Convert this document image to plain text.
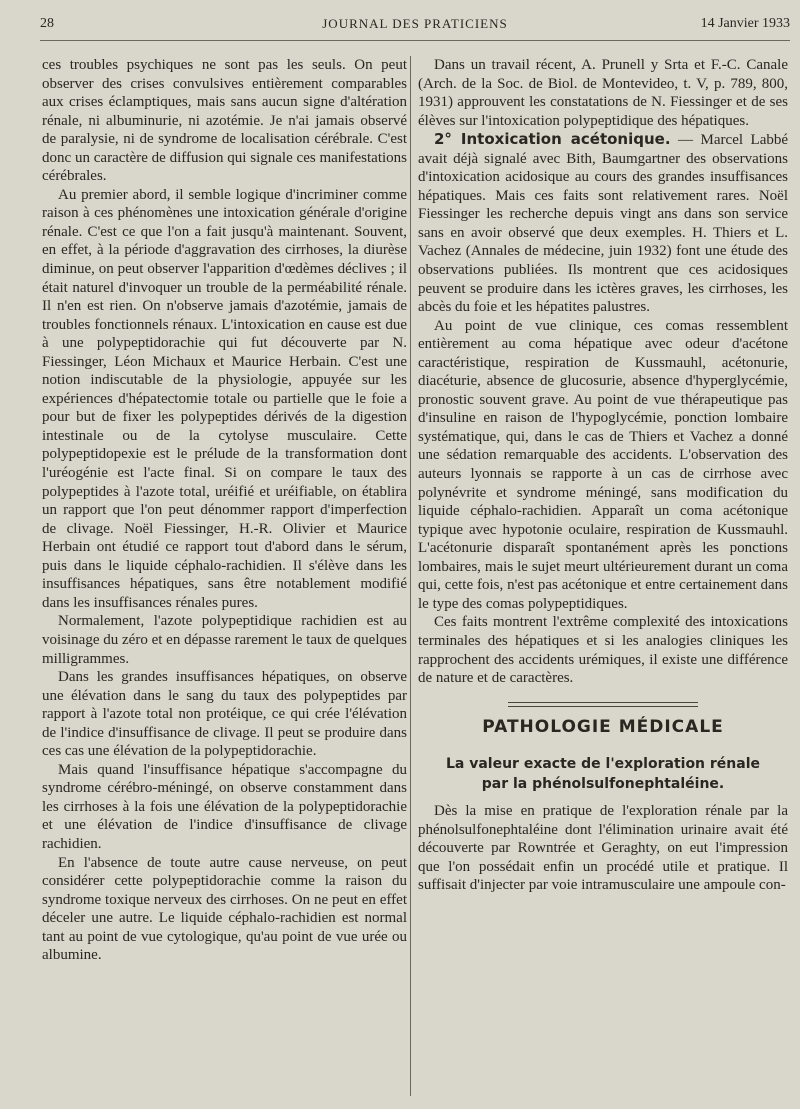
28	JOURNAL DES PRATICIENS	14 Janvier 1933

ces troubles psychiques ne sont pas les seuls. On peut observer des crises convulsives entièrement comparables aux crises éclamptiques, mais sans aucun signe d'altération rénale, ni albuminurie, ni azotémie. Je n'ai jamais observé de paralysie, ni de syndrome de localisation cérébrale. C'est donc un caractère de diffusion qui signale ces manifestations cérébrales.

Au premier abord, il semble logique d'incriminer comme raison à ces phénomènes une intoxication générale d'origine rénale. C'est ce que l'on a fait jusqu'à maintenant. Souvent, en effet, à la période d'aggravation des cirrhoses, la diurèse diminue, on peut observer l'apparition d'œdèmes déclives ; il était naturel d'invoquer un trouble de la perméabilité rénale. Il n'en est rien. On n'observe jamais d'azotémie, jamais de troubles fonctionnels rénaux. L'intoxication en cause est due à une polypeptidorachie qui fut découverte par N. Fiessinger, Léon Michaux et Maurice Herbain. C'est une notion indiscutable de la physiologie, appuyée sur les expériences d'hépatectomie totale ou partielle que le foie a pour but de fixer les polypeptides dérivés de la digestion intestinale ou de la cytolyse musculaire. Cette polypeptidopexie est le prélude de la transformation dont l'uréogénie est l'acte final. Si on compare le taux des polypeptides à l'azote total, uréifié et uréifiable, on établira un rapport que l'on peut dénommer rapport d'imperfection de clivage. Noël Fiessinger, H.-R. Olivier et Maurice Herbain ont étudié ce rapport tout d'abord dans le sérum, puis dans le liquide céphalo-rachidien. Il s'élève dans les insuffisances hépatiques, sans être notablement modifié dans les insuffisances rénales pures.

Normalement, l'azote polypeptidique rachidien est au voisinage du zéro et en dépasse rarement le taux de quelques milligrammes.

Dans les grandes insuffisances hépatiques, on observe une élévation dans le sang du taux des polypeptides par rapport à l'azote total non protéique, ce qui crée l'élévation de l'indice d'insuffisance de clivage. Il peut se produire dans ces cas une élévation de la polypeptidorachie.

Mais quand l'insuffisance hépatique s'accompagne du syndrome cérébro-méningé, on observe constamment dans les cirrhoses à la fois une élévation de la polypeptidorachie et une élévation de l'indice d'insuffisance de clivage rachidien.

En l'absence de toute autre cause nerveuse, on peut considérer cette polypeptidorachie comme la raison du syndrome toxique nerveux des cirrhoses. On ne peut en effet déceler une autre. Le liquide céphalo-rachidien est normal tant au point de vue cytologique, qu'au point de vue urée ou albumine.

Dans un travail récent, A. Prunell y Srta et F.-C. Canale (Arch. de la Soc. de Biol. de Montevideo, t. V, p. 789, 800, 1931) approuvent les constatations de N. Fiessinger et de ses élèves sur l'intoxication polypeptidique des hépatiques.

2° Intoxication acétonique. — Marcel Labbé avait déjà signalé avec Bith, Baumgartner des observations d'intoxication acidosique au cours des grandes insuffisances hépatiques. Mais ces faits sont relativement rares. Noël Fiessinger les recherche depuis vingt ans dans son service sans en avoir observé que deux exemples. H. Thiers et L. Vachez (Annales de médecine, juin 1932) font une étude des observations publiées. Ils montrent que ces acidosiques peuvent se produire dans les ictères graves, les cirrhoses, les abcès du foie et les hépatites palustres.

Au point de vue clinique, ces comas ressemblent entièrement au coma hépatique avec odeur d'acétone caractéristique, respiration de Kussmauhl, acétonurie, diacéturie, absence de glucosurie, absence d'hyperglycémie, pronostic souvent grave. Au point de vue thérapeutique pas d'insuline en raison de l'hypoglycémie, ponction lombaire systématique, qui, dans le cas de Thiers et Vachez a donné une sédation remarquable des accidents. L'observation des auteurs lyonnais se rapporte à un cas de cirrhose avec polynévrite et syndrome méningé, sans modification du liquide céphalo-rachidien. Apparaît un coma acétonique typique avec hypotonie oculaire, respiration de Kussmauhl. L'acétonurie disparaît spontanément après les ponctions lombaires, mais le sujet meurt ultérieurement durant un coma qui, cette fois, n'est pas acétonique et entre certainement dans le type des comas polypeptidiques.

Ces faits montrent l'extrême complexité des intoxications terminales des hépatiques et si les analogies cliniques les rapprochent des accidents urémiques, il existe une différence de nature et de caractères.

PATHOLOGIE MÉDICALE
La valeur exacte de l'exploration rénale
par la phénolsulfonephtaléine.

Dès la mise en pratique de l'exploration rénale par la phénolsulfonephtaléine dont l'élimination urinaire avait été découverte par Rowntrée et Geraghty, on eut l'impression que l'on possédait enfin un procédé utile et pratique. Il suffisait d'injecter par voie intramusculaire une ampoule con-
